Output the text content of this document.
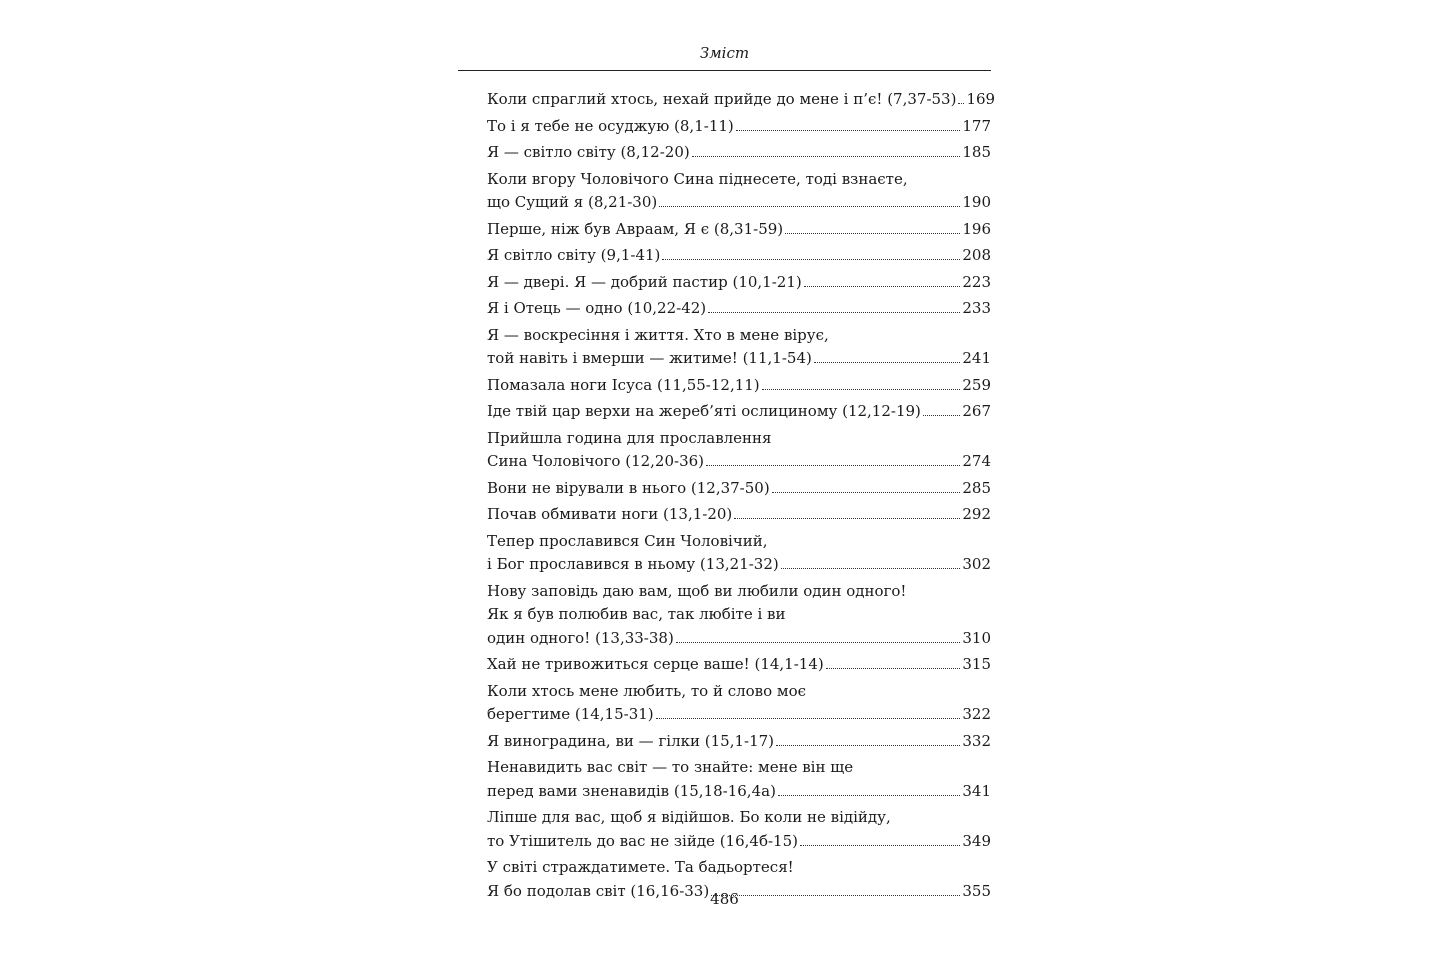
Зміст
Коли спраглий хтось, нехай прийде до мене і п’є! (7,37-53) 169
То і я тебе не осуджую (8,1-11)	177
Я — світло світу (8,12-20)	185
Коли вгору Чоловічого Сина піднесете, тоді взнаєте,
що Сущий я (8,21-30)	190
Перше, ніж був Авраам, Я є (8,31-59)	196
Я світло світу (9,1-41)	208
Я — двері. Я — добрий пастир (10,1-21)	223
Я і Отець — одно (10,22-42)	233
Я — воскресіння і життя. Хто в мене вірує,
той навіть і вмерши — житиме! (11,1-54)	241
Помазала ноги Ісуса (11,55-12,11)	259
Іде твій цар верхи на жереб’яті ослициному (12,12-19)	267
Прийшла година для прославлення
Сина Чоловічого (12,20-36)	274
Вони не вірували в нього (12,37-50)	285
Почав обмивати ноги (13,1-20)	292
Тепер прославився Син Чоловічий,
і Бог прославився в ньому (13,21-32)	302
Нову заповідь даю вам, щоб ви любили один одного!
Як я був полюбив вас, так любіте і ви
один одного! (13,33-38)	310
Хай не тривожиться серце ваше! (14,1-14)	315
Коли хтось мене любить, то й слово моє
берегтиме (14,15-31)	322
Я виноградина, ви — гілки (15,1-17)	332
Ненавидить вас світ — то знайте: мене він ще
перед вами зненавидів (15,18-16,4а)	341
Ліпше для вас, щоб я відійшов. Бо коли не відійду,
то Утішитель до вас не зійде (16,4б-15)	349
У світі страждатимете. Та бадьортеся!
Я бо подолав світ (16,16-33)	355
486
